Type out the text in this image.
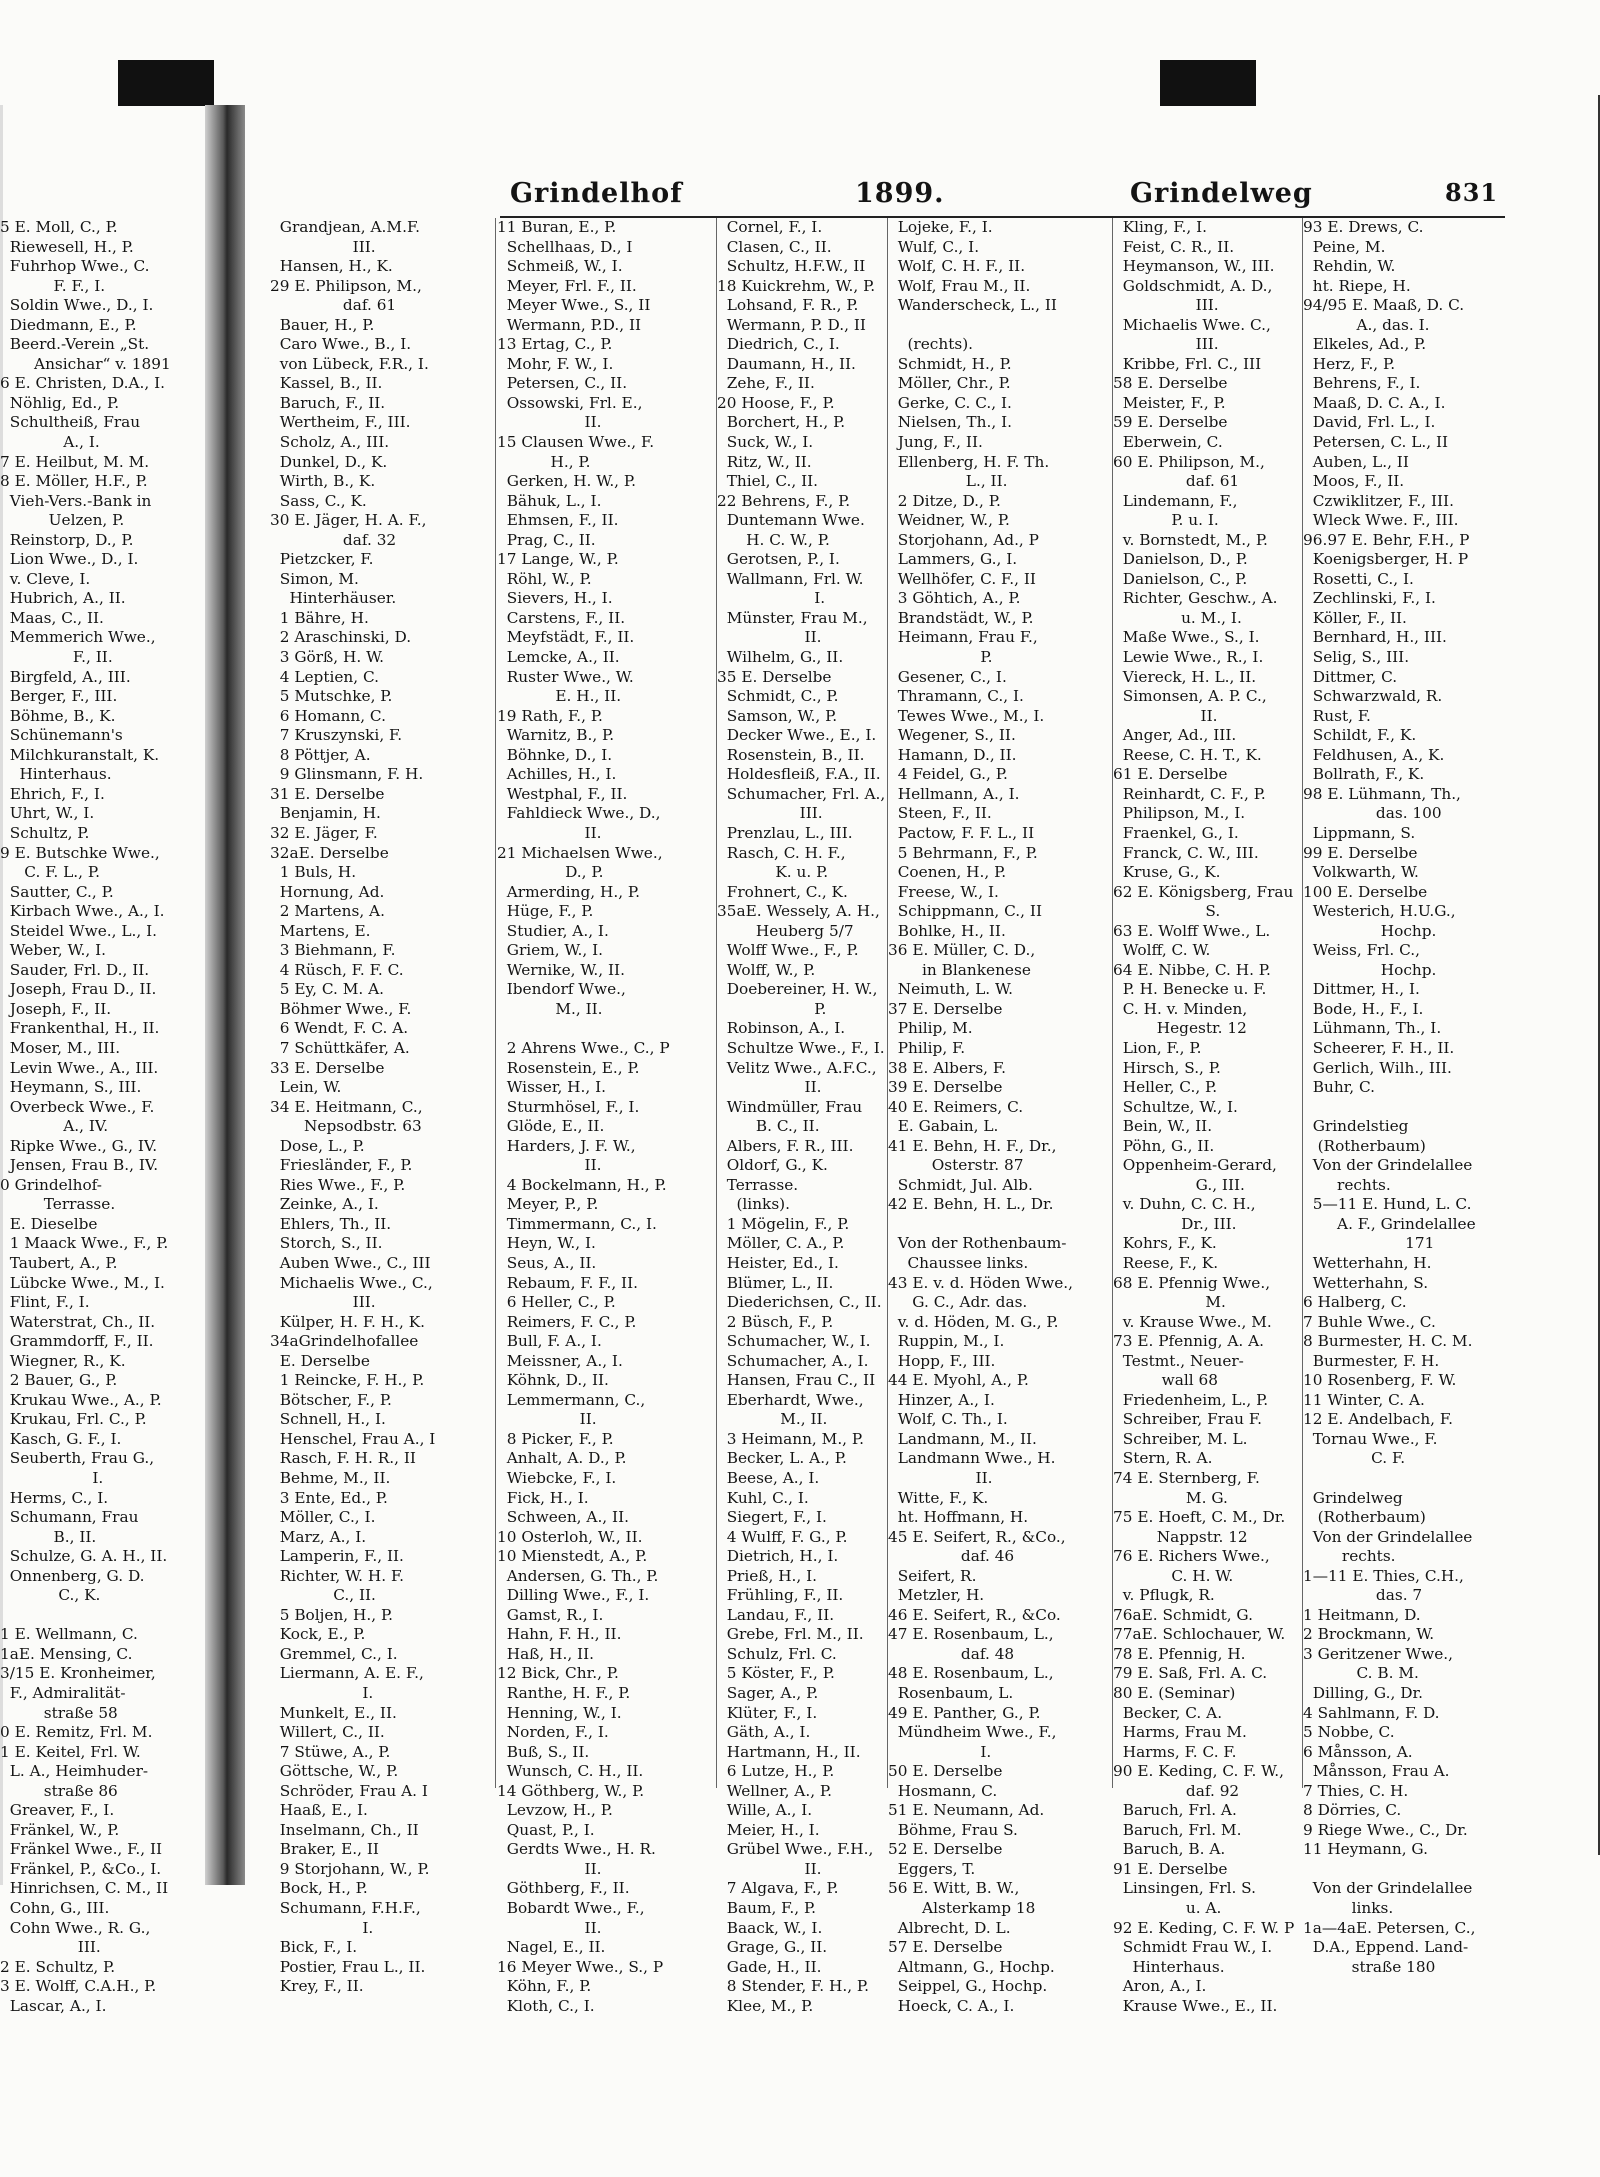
Grindelhof	1899.	Grindelweg	831
5 E. Moll, C., P.
Riewesell, H., P.
Fuhrhop Wwe., C.
F. F., I.
Soldin Wwe., D., I.
Diedmann, E., P.
Beerd.-Verein „St.
Ansichar“ v. 1891
6 E. Christen, D.A., I.
Nöhlig, Ed., P.
Schultheiß, Frau
A., I.
7 E. Heilbut, M. M.
8 E. Möller, H.F., P.
Vieh-Vers.-Bank in
Uelzen, P.
Reinstorp, D., P.
Lion Wwe., D., I.
v. Cleve, I.
Hubrich, A., II.
Maas, C., II.
Memmerich Wwe.,
F., II.
Birgfeld, A., III.
Berger, F., III.
Böhme, B., K.
Schünemann's
Milchkuranstalt, K.
Hinterhaus.
Ehrich, F., I.
Uhrt, W., I.
Schultz, P.
9 E. Butschke Wwe.,
C. F. L., P.
Sautter, C., P.
Kirbach Wwe., A., I.
Steidel Wwe., L., I.
Weber, W., I.
Sauder, Frl. D., II.
Joseph, Frau D., II.
Joseph, F., II.
Frankenthal, H., II.
Moser, M., III.
Levin Wwe., A., III.
Heymann, S., III.
Overbeck Wwe., F.
A., IV.
Ripke Wwe., G., IV.
Jensen, Frau B., IV.
0 Grindelhof-
Terrasse.
E. Dieselbe
1 Maack Wwe., F., P.
Taubert, A., P.
Lübcke Wwe., M., I.
Flint, F., I.
Waterstrat, Ch., II.
Grammdorff, F., II.
Wiegner, R., K.
2 Bauer, G., P.
Krukau Wwe., A., P.
Krukau, Frl. C., P.
Kasch, G. F., I.
Seuberth, Frau G.,
I.
Herms, C., I.
Schumann, Frau
B., II.
Schulze, G. A. H., II.
Onnenberg, G. D.
C., K.
1 E. Wellmann, C.
1aE. Mensing, C.
3/15 E. Kronheimer,
F., Admiralität-
straße 58
0 E. Remitz, Frl. M.
1 E. Keitel, Frl. W.
L. A., Heimhuder-
straße 86
Greaver, F., I.
Fränkel, W., P.
Fränkel Wwe., F., II
Fränkel, P., &Co., I.
Hinrichsen, C. M., II
Cohn, G., III.
Cohn Wwe., R. G.,
III.
2 E. Schultz, P.
3 E. Wolff, C.A.H., P.
Lascar, A., I.
Grandjean, A.M.F.
III.
Hansen, H., K.
29 E. Philipson, M.,
daf. 61
Bauer, H., P.
Caro Wwe., B., I.
von Lübeck, F.R., I.
Kassel, B., II.
Baruch, F., II.
Wertheim, F., III.
Scholz, A., III.
Dunkel, D., K.
Wirth, B., K.
Sass, C., K.
30 E. Jäger, H. A. F.,
daf. 32
Pietzcker, F.
Simon, M.
Hinterhäuser.
1 Bähre, H.
2 Araschinski, D.
3 Görß, H. W.
4 Leptien, C.
5 Mutschke, P.
6 Homann, C.
7 Kruszynski, F.
8 Pöttjer, A.
9 Glinsmann, F. H.
31 E. Derselbe
Benjamin, H.
32 E. Jäger, F.
32aE. Derselbe
1 Buls, H.
Hornung, Ad.
2 Martens, A.
Martens, E.
3 Biehmann, F.
4 Rüsch, F. F. C.
5 Ey, C. M. A.
Böhmer Wwe., F.
6 Wendt, F. C. A.
7 Schüttkäfer, A.
33 E. Derselbe
Lein, W.
34 E. Heitmann, C.,
Nepsodbstr. 63
Dose, L., P.
Friesländer, F., P.
Ries Wwe., F., P.
Zeinke, A., I.
Ehlers, Th., II.
Storch, S., II.
Auben Wwe., C., III
Michaelis Wwe., C.,
III.
Külper, H. F. H., K.
34aGrindelhofallee
E. Derselbe
1 Reincke, F. H., P.
Bötscher, F., P.
Schnell, H., I.
Henschel, Frau A., I
Rasch, F. H. R., II
Behme, M., II.
3 Ente, Ed., P.
Möller, C., I.
Marz, A., I.
Lamperin, F., II.
Richter, W. H. F.
C., II.
5 Boljen, H., P.
Kock, E., P.
Gremmel, C., I.
Liermann, A. E. F.,
I.
Munkelt, E., II.
Willert, C., II.
7 Stüwe, A., P.
Göttsche, W., P.
Schröder, Frau A. I
Haaß, E., I.
Inselmann, Ch., II
Braker, E., II
9 Storjohann, W., P.
Bock, H., P.
Schumann, F.H.F.,
I.
Bick, F., I.
Postier, Frau L., II.
Krey, F., II.
11 Buran, E., P.
Schellhaas, D., I
Schmeiß, W., I.
Meyer, Frl. F., II.
Meyer Wwe., S., II
Wermann, P.D., II
13 Ertag, C., P.
Mohr, F. W., I.
Petersen, C., II.
Ossowski, Frl. E.,
II.
15 Clausen Wwe., F.
H., P.
Gerken, H. W., P.
Bähuk, L., I.
Ehmsen, F., II.
Prag, C., II.
17 Lange, W., P.
Röhl, W., P.
Sievers, H., I.
Carstens, F., II.
Meyfstädt, F., II.
Lemcke, A., II.
Ruster Wwe., W.
E. H., II.
19 Rath, F., P.
Warnitz, B., P.
Böhnke, D., I.
Achilles, H., I.
Westphal, F., II.
Fahldieck Wwe., D.,
II.
21 Michaelsen Wwe.,
D., P.
Armerding, H., P.
Hüge, F., P.
Studier, A., I.
Griem, W., I.
Wernike, W., II.
Ibendorf Wwe.,
M., II.
2 Ahrens Wwe., C., P
Rosenstein, E., P.
Wisser, H., I.
Sturmhösel, F., I.
Glöde, E., II.
Harders, J. F. W.,
II.
4 Bockelmann, H., P.
Meyer, P., P.
Timmermann, C., I.
Heyn, W., I.
Seus, A., II.
Rebaum, F. F., II.
6 Heller, C., P.
Reimers, F. C., P.
Bull, F. A., I.
Meissner, A., I.
Köhnk, D., II.
Lemmermann, C.,
II.
8 Picker, F., P.
Anhalt, A. D., P.
Wiebcke, F., I.
Fick, H., I.
Schween, A., II.
10 Osterloh, W., II.
10 Mienstedt, A., P.
Andersen, G. Th., P.
Dilling Wwe., F., I.
Gamst, R., I.
Hahn, F. H., II.
Haß, H., II.
12 Bick, Chr., P.
Ranthe, H. F., P.
Henning, W., I.
Norden, F., I.
Buß, S., II.
Wunsch, C. H., II.
14 Göthberg, W., P.
Levzow, H., P.
Quast, P., I.
Gerdts Wwe., H. R.
II.
Göthberg, F., II.
Bobardt Wwe., F.,
II.
Nagel, E., II.
16 Meyer Wwe., S., P
Köhn, F., P.
Kloth, C., I.
Cornel, F., I.
Clasen, C., II.
Schultz, H.F.W., II
18 Kuickrehm, W., P.
Lohsand, F. R., P.
Wermann, P. D., II
Diedrich, C., I.
Daumann, H., II.
Zehe, F., II.
20 Hoose, F., P.
Borchert, H., P.
Suck, W., I.
Ritz, W., II.
Thiel, C., II.
22 Behrens, F., P.
Duntemann Wwe.
H. C. W., P.
Gerotsen, P., I.
Wallmann, Frl. W.
I.
Münster, Frau M.,
II.
Wilhelm, G., II.
35 E. Derselbe
Schmidt, C., P.
Samson, W., P.
Decker Wwe., E., I.
Rosenstein, B., II.
Holdesfleiß, F.A., II.
Schumacher, Frl. A.,
III.
Prenzlau, L., III.
Rasch, C. H. F.,
K. u. P.
Frohnert, C., K.
35aE. Wessely, A. H.,
Heuberg 5/7
Wolff Wwe., F., P.
Wolff, W., P.
Doebereiner, H. W.,
P.
Robinson, A., I.
Schultze Wwe., F., I.
Velitz Wwe., A.F.C.,
II.
Windmüller, Frau
B. C., II.
Albers, F. R., III.
Oldorf, G., K.
Terrasse.
(links).
1 Mögelin, F., P.
Möller, C. A., P.
Heister, Ed., I.
Blümer, L., II.
Diederichsen, C., II.
2 Büsch, F., P.
Schumacher, W., I.
Schumacher, A., I.
Hansen, Frau C., II
Eberhardt, Wwe.,
M., II.
3 Heimann, M., P.
Becker, L. A., P.
Beese, A., I.
Kuhl, C., I.
Siegert, F., I.
4 Wulff, F. G., P.
Dietrich, H., I.
Prieß, H., I.
Frühling, F., II.
Landau, F., II.
Grebe, Frl. M., II.
Schulz, Frl. C.
5 Köster, F., P.
Sager, A., P.
Klüter, F., I.
Gäth, A., I.
Hartmann, H., II.
6 Lutze, H., P.
Wellner, A., P.
Wille, A., I.
Meier, H., I.
Grübel Wwe., F.H.,
II.
7 Algava, F., P.
Baum, F., P.
Baack, W., I.
Grage, G., II.
Gade, H., II.
8 Stender, F. H., P.
Klee, M., P.
Lojeke, F., I.
Wulf, C., I.
Wolf, C. H. F., II.
Wolf, Frau M., II.
Wanderscheck, L., II
(rechts).
Schmidt, H., P.
Möller, Chr., P.
Gerke, C. C., I.
Nielsen, Th., I.
Jung, F., II.
Ellenberg, H. F. Th.
L., II.
2 Ditze, D., P.
Weidner, W., P.
Storjohann, Ad., P
Lammers, G., I.
Wellhöfer, C. F., II
3 Göhtich, A., P.
Brandstädt, W., P.
Heimann, Frau F.,
P.
Gesener, C., I.
Thramann, C., I.
Tewes Wwe., M., I.
Wegener, S., II.
Hamann, D., II.
4 Feidel, G., P.
Hellmann, A., I.
Steen, F., II.
Pactow, F. F. L., II
5 Behrmann, F., P.
Coenen, H., P.
Freese, W., I.
Schippmann, C., II
Bohlke, H., II.
36 E. Müller, C. D.,
in Blankenese
Neimuth, L. W.
37 E. Derselbe
Philip, M.
Philip, F.
38 E. Albers, F.
39 E. Derselbe
40 E. Reimers, C.
E. Gabain, L.
41 E. Behn, H. F., Dr.,
Osterstr. 87
Schmidt, Jul. Alb.
42 E. Behn, H. L., Dr.
Von der Rothenbaum-
Chaussee links.
43 E. v. d. Höden Wwe.,
G. C., Adr. das.
v. d. Höden, M. G., P.
Ruppin, M., I.
Hopp, F., III.
44 E. Myohl, A., P.
Hinzer, A., I.
Wolf, C. Th., I.
Landmann, M., II.
Landmann Wwe., H.
II.
Witte, F., K.
ht. Hoffmann, H.
45 E. Seifert, R., &Co.,
daf. 46
Seifert, R.
Metzler, H.
46 E. Seifert, R., &Co.
47 E. Rosenbaum, L.,
daf. 48
48 E. Rosenbaum, L.,
Rosenbaum, L.
49 E. Panther, G., P.
Mündheim Wwe., F.,
I.
50 E. Derselbe
Hosmann, C.
51 E. Neumann, Ad.
Böhme, Frau S.
52 E. Derselbe
Eggers, T.
56 E. Witt, B. W.,
Alsterkamp 18
Albrecht, D. L.
57 E. Derselbe
Altmann, G., Hochp.
Seippel, G., Hochp.
Hoeck, C. A., I.
Kling, F., I.
Feist, C. R., II.
Heymanson, W., III.
Goldschmidt, A. D.,
III.
Michaelis Wwe. C.,
III.
Kribbe, Frl. C., III
58 E. Derselbe
Meister, F., P.
59 E. Derselbe
Eberwein, C.
60 E. Philipson, M.,
daf. 61
Lindemann, F.,
P. u. I.
v. Bornstedt, M., P.
Danielson, D., P.
Danielson, C., P.
Richter, Geschw., A.
u. M., I.
Maße Wwe., S., I.
Lewie Wwe., R., I.
Viereck, H. L., II.
Simonsen, A. P. C.,
II.
Anger, Ad., III.
Reese, C. H. T., K.
61 E. Derselbe
Reinhardt, C. F., P.
Philipson, M., I.
Fraenkel, G., I.
Franck, C. W., III.
Kruse, G., K.
62 E. Königsberg, Frau
S.
63 E. Wolff Wwe., L.
Wolff, C. W.
64 E. Nibbe, C. H. P.
P. H. Benecke u. F.
C. H. v. Minden,
Hegestr. 12
Lion, F., P.
Hirsch, S., P.
Heller, C., P.
Schultze, W., I.
Bein, W., II.
Pöhn, G., II.
Oppenheim-Gerard,
G., III.
v. Duhn, C. C. H.,
Dr., III.
Kohrs, F., K.
Reese, F., K.
68 E. Pfennig Wwe.,
M.
v. Krause Wwe., M.
73 E. Pfennig, A. A.
Testmt., Neuer-
wall 68
Friedenheim, L., P.
Schreiber, Frau F.
Schreiber, M. L.
Stern, R. A.
74 E. Sternberg, F.
M. G.
75 E. Hoeft, C. M., Dr.
Nappstr. 12
76 E. Richers Wwe.,
C. H. W.
v. Pflugk, R.
76aE. Schmidt, G.
77aE. Schlochauer, W.
78 E. Pfennig, H.
79 E. Saß, Frl. A. C.
80 E. (Seminar)
Becker, C. A.
Harms, Frau M.
Harms, F. C. F.
90 E. Keding, C. F. W.,
daf. 92
Baruch, Frl. A.
Baruch, Frl. M.
Baruch, B. A.
91 E. Derselbe
Linsingen, Frl. S.
u. A.
92 E. Keding, C. F. W. P
Schmidt Frau W., I.
Hinterhaus.
Aron, A., I.
Krause Wwe., E., II.
93 E. Drews, C.
Peine, M.
Rehdin, W.
ht. Riepe, H.
94/95 E. Maaß, D. C.
A., das. I.
Elkeles, Ad., P.
Herz, F., P.
Behrens, F., I.
Maaß, D. C. A., I.
David, Frl. L., I.
Petersen, C. L., II
Auben, L., II
Moos, F., II.
Czwiklitzer, F., III.
Wleck Wwe. F., III.
96.97 E. Behr, F.H., P
Koenigsberger, H. P
Rosetti, C., I.
Zechlinski, F., I.
Köller, F., II.
Bernhard, H., III.
Selig, S., III.
Dittmer, C.
Schwarzwald, R.
Rust, F.
Schildt, F., K.
Feldhusen, A., K.
Bollrath, F., K.
98 E. Lühmann, Th.,
das. 100
Lippmann, S.
99 E. Derselbe
Volkwarth, W.
100 E. Derselbe
Westerich, H.U.G.,
Hochp.
Weiss, Frl. C.,
Hochp.
Dittmer, H., I.
Bode, H., F., I.
Lühmann, Th., I.
Scheerer, F. H., II.
Gerlich, Wilh., III.
Buhr, C.
Grindelstieg
(Rotherbaum)
Von der Grindelallee
rechts.
5—11 E. Hund, L. C.
A. F., Grindelallee
171
Wetterhahn, H.
Wetterhahn, S.
6 Halberg, C.
7 Buhle Wwe., C.
8 Burmester, H. C. M.
Burmester, F. H.
10 Rosenberg, F. W.
11 Winter, C. A.
12 E. Andelbach, F.
Tornau Wwe., F.
C. F.
Grindelweg
(Rotherbaum)
Von der Grindelallee
rechts.
1—11 E. Thies, C.H.,
das. 7
1 Heitmann, D.
2 Brockmann, W.
3 Geritzener Wwe.,
C. B. M.
Dilling, G., Dr.
4 Sahlmann, F. D.
5 Nobbe, C.
6 Månsson, A.
Månsson, Frau A.
7 Thies, C. H.
8 Dörries, C.
9 Riege Wwe., C., Dr.
11 Heymann, G.
Von der Grindelallee
links.
1a—4aE. Petersen, C.,
D.A., Eppend. Land-
straße 180
